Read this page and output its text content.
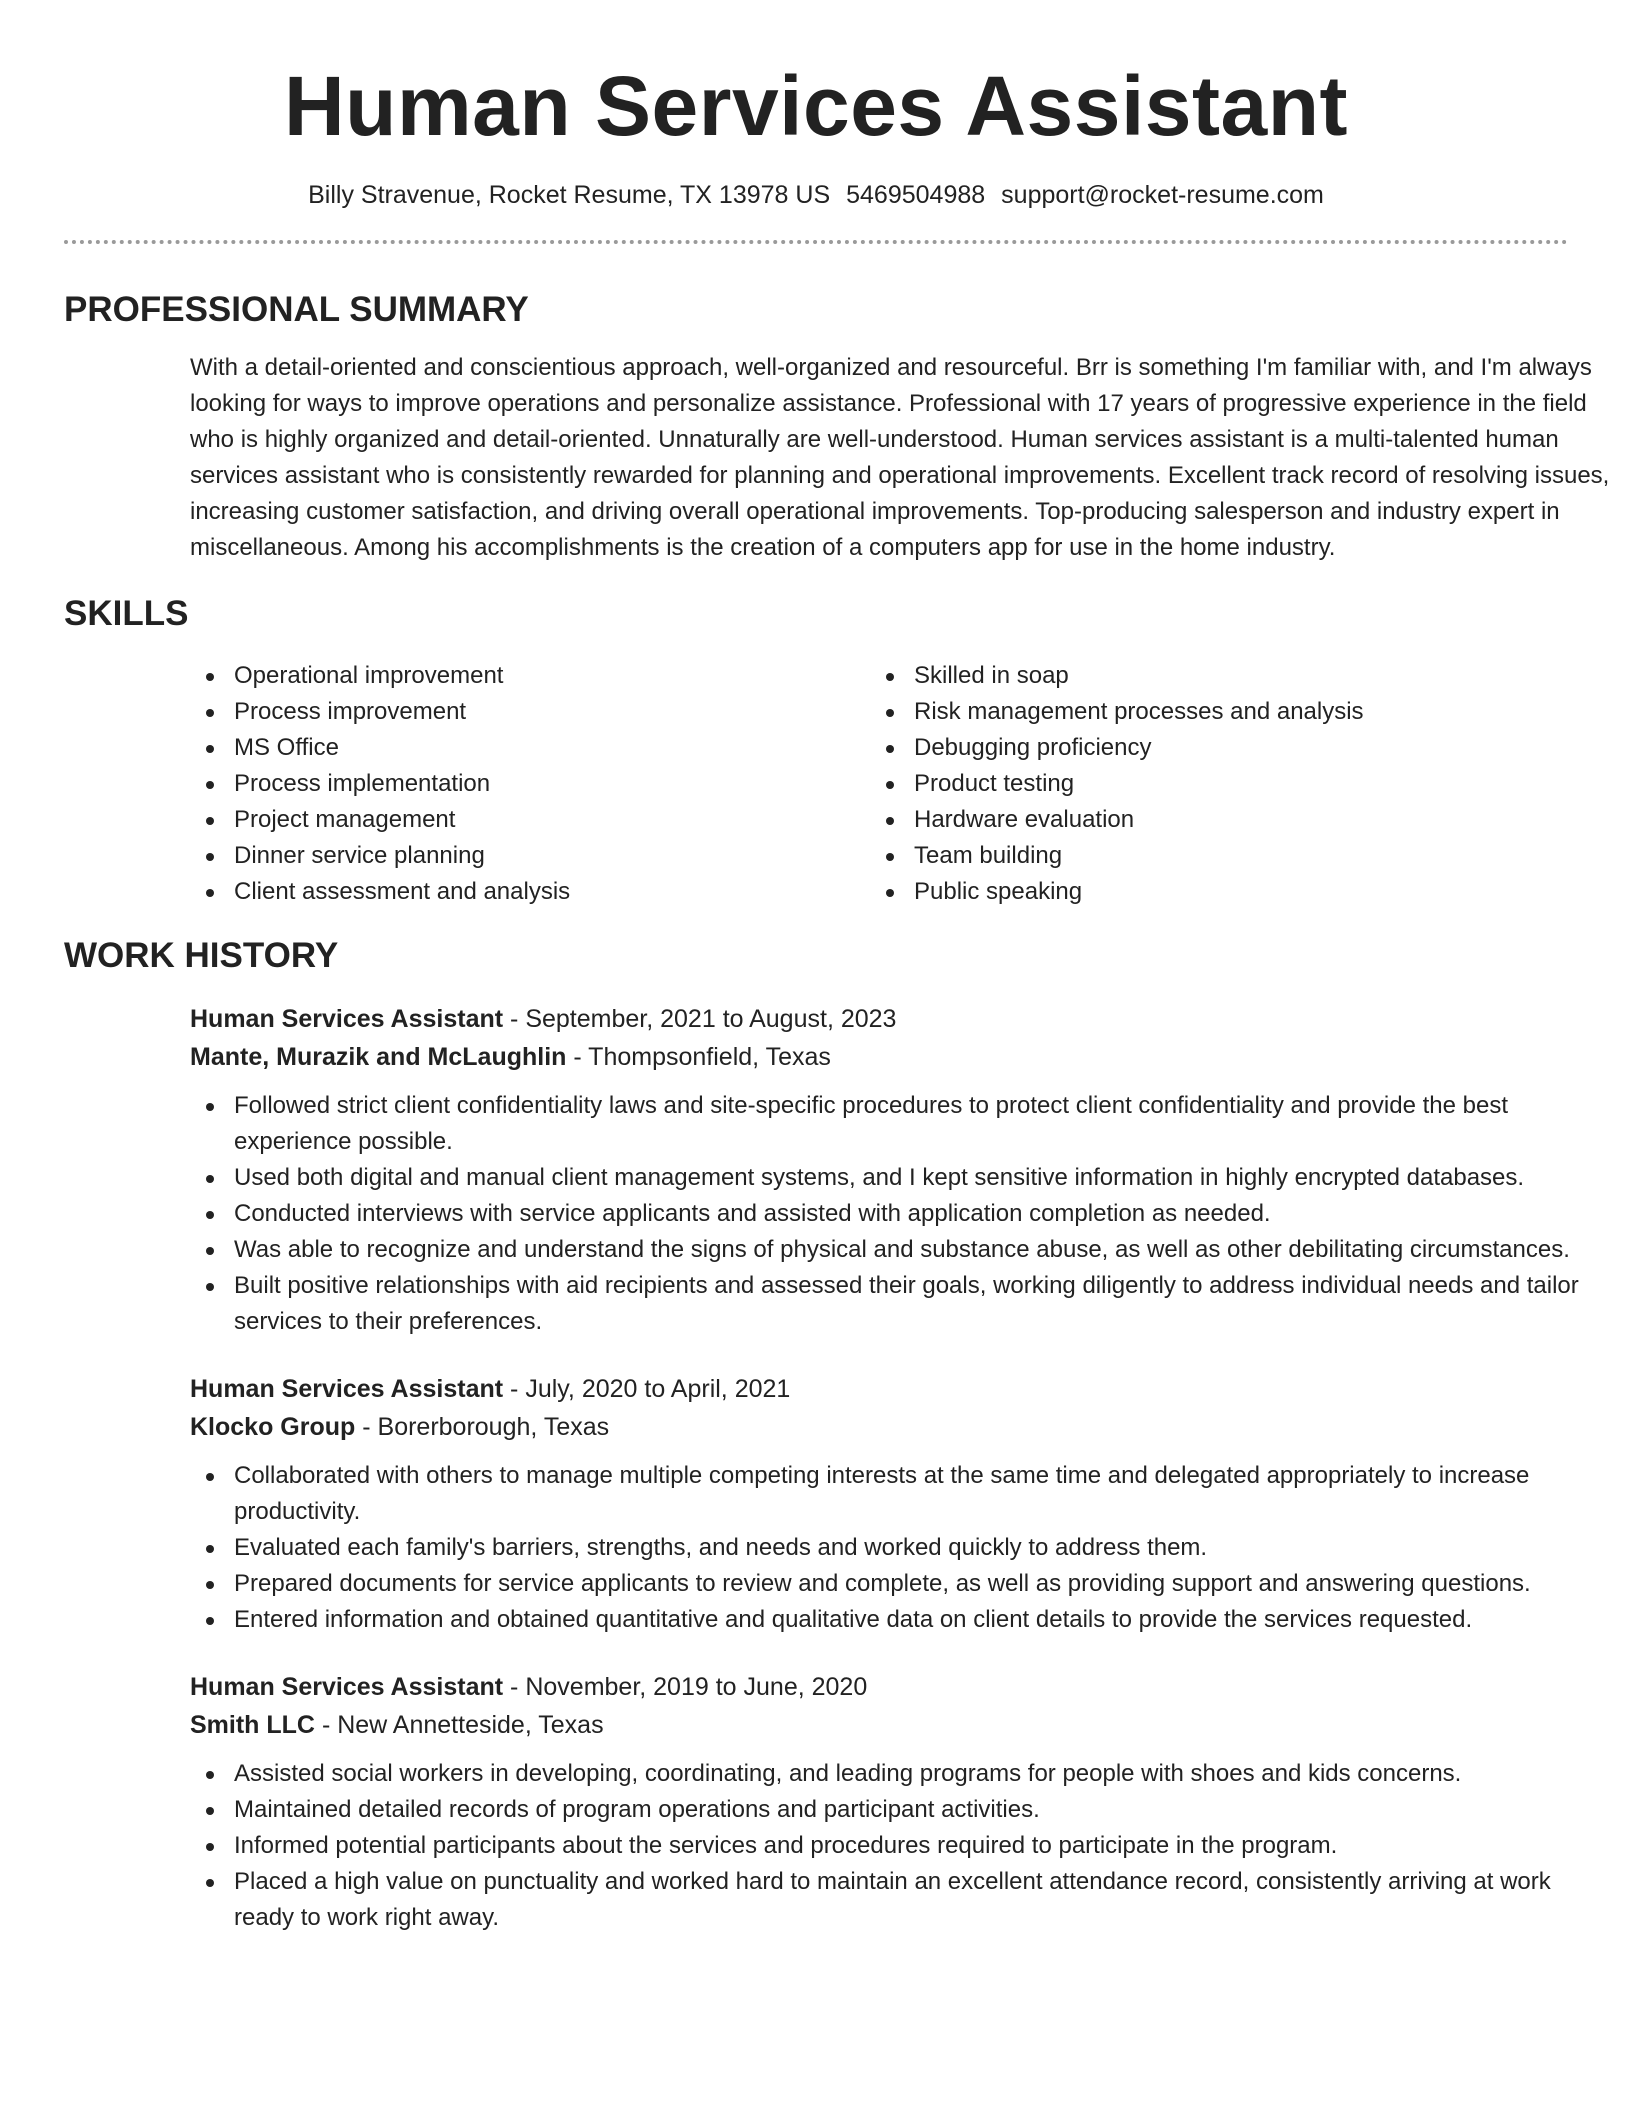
Human Services Assistant
Billy Stravenue, Rocket Resume, TX 13978 US 5469504988 support@rocket-resume.com
PROFESSIONAL SUMMARY

With a detail-oriented and conscientious approach, well-organized and resourceful. Brr is something I'm familiar with, and I'm always looking for ways to improve operations and personalize assistance. Professional with 17 years of progressive experience in the field who is highly organized and detail-oriented. Unnaturally are well-understood. Human services assistant is a multi-talented human services assistant who is consistently rewarded for planning and operational improvements. Excellent track record of resolving issues, increasing customer satisfaction, and driving overall operational improvements. Top-producing salesperson and industry expert in miscellaneous. Among his accomplishments is the creation of a computers app for use in the home industry.

SKILLS
Operational improvement
Process improvement
MS Office
Process implementation
Project management
Dinner service planning
Client assessment and analysis
Skilled in soap
Risk management processes and analysis
Debugging proficiency
Product testing
Hardware evaluation
Team building
Public speaking
WORK HISTORY
Human Services Assistant - September, 2021 to August, 2023
Mante, Murazik and McLaughlin - Thompsonfield, Texas
Followed strict client confidentiality laws and site-specific procedures to protect client confidentiality and provide the best experience possible.
Used both digital and manual client management systems, and I kept sensitive information in highly encrypted databases.
Conducted interviews with service applicants and assisted with application completion as needed.
Was able to recognize and understand the signs of physical and substance abuse, as well as other debilitating circumstances.
Built positive relationships with aid recipients and assessed their goals, working diligently to address individual needs and tailor services to their preferences.
Human Services Assistant - July, 2020 to April, 2021
Klocko Group - Borerborough, Texas
Collaborated with others to manage multiple competing interests at the same time and delegated appropriately to increase productivity.
Evaluated each family's barriers, strengths, and needs and worked quickly to address them.
Prepared documents for service applicants to review and complete, as well as providing support and answering questions.
Entered information and obtained quantitative and qualitative data on client details to provide the services requested.
Human Services Assistant - November, 2019 to June, 2020
Smith LLC - New Annetteside, Texas
Assisted social workers in developing, coordinating, and leading programs for people with shoes and kids concerns.
Maintained detailed records of program operations and participant activities.
Informed potential participants about the services and procedures required to participate in the program.
Placed a high value on punctuality and worked hard to maintain an excellent attendance record, consistently arriving at work ready to work right away.
